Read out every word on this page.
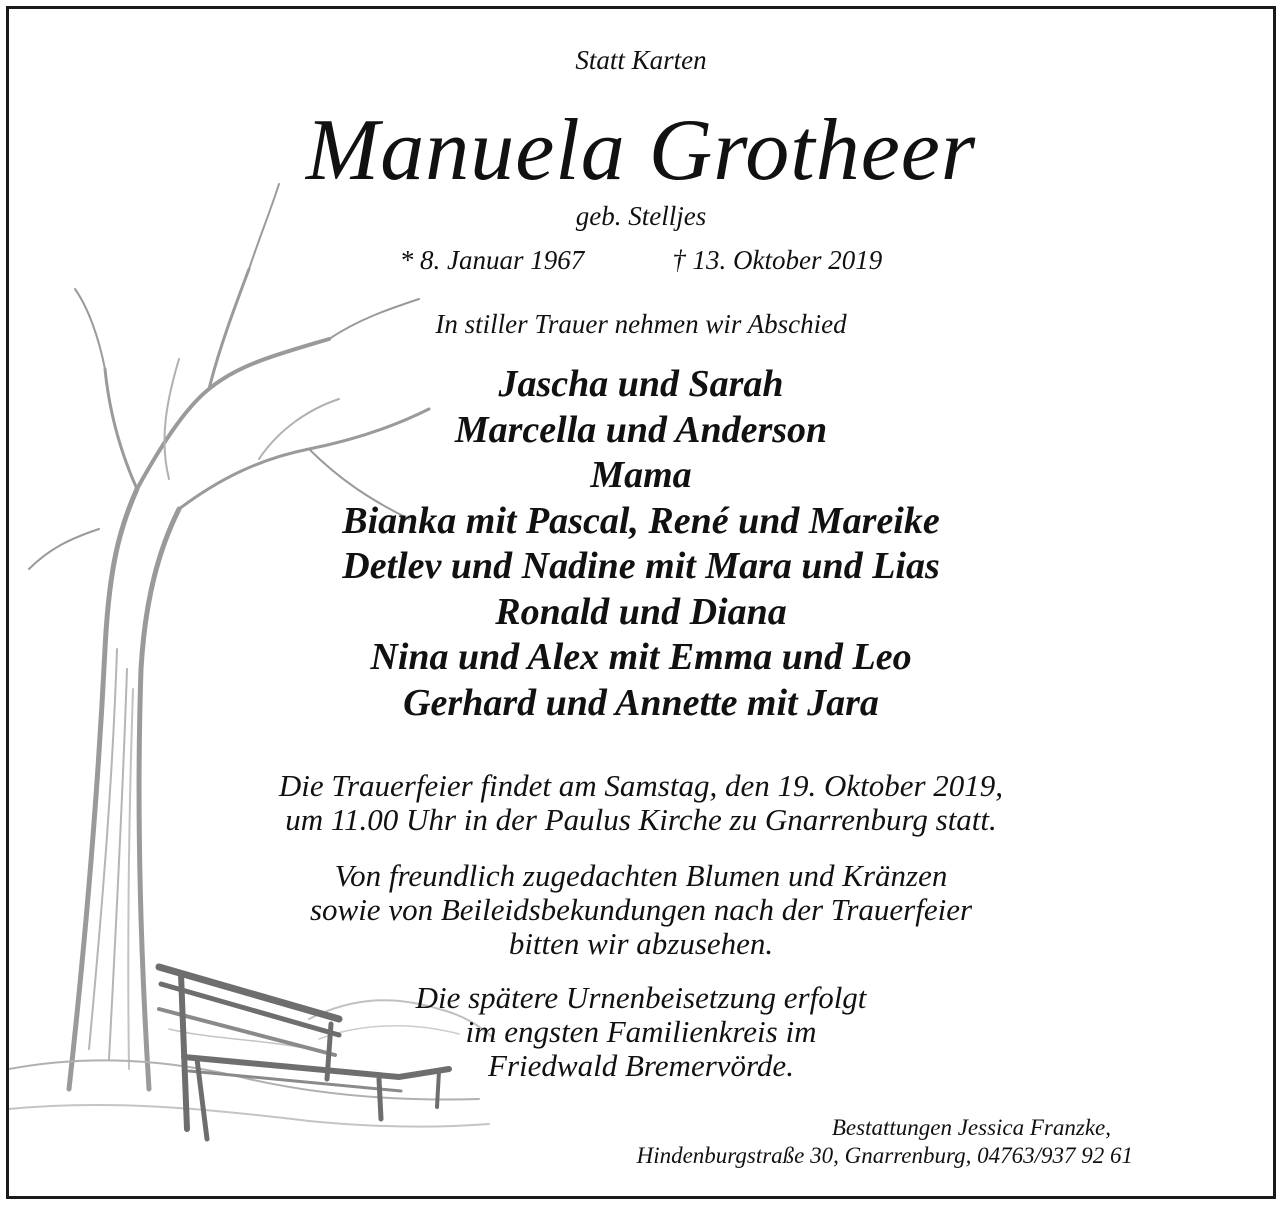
Statt Karten
Manuela Grotheer
geb. Stelljes
* 8. Januar 1967	† 13. Oktober 2019
In stiller Trauer nehmen wir Abschied
Jascha und Sarah
Marcella und Anderson
Mama
Bianka mit Pascal, René und Mareike
Detlev und Nadine mit Mara und Lias
Ronald und Diana
Nina und Alex mit Emma und Leo
Gerhard und Annette mit Jara
Die Trauerfeier findet am Samstag, den 19. Oktober 2019,
um 11.00 Uhr in der Paulus Kirche zu Gnarrenburg statt.
Von freundlich zugedachten Blumen und Kränzen
sowie von Beileidsbekundungen nach der Trauerfeier
bitten wir abzusehen.
Die spätere Urnenbeisetzung erfolgt
im engsten Familienkreis im
Friedwald Bremervörde.
Bestattungen Jessica Franzke,
Hindenburgstraße 30, Gnarrenburg, 04763/937 92 61
